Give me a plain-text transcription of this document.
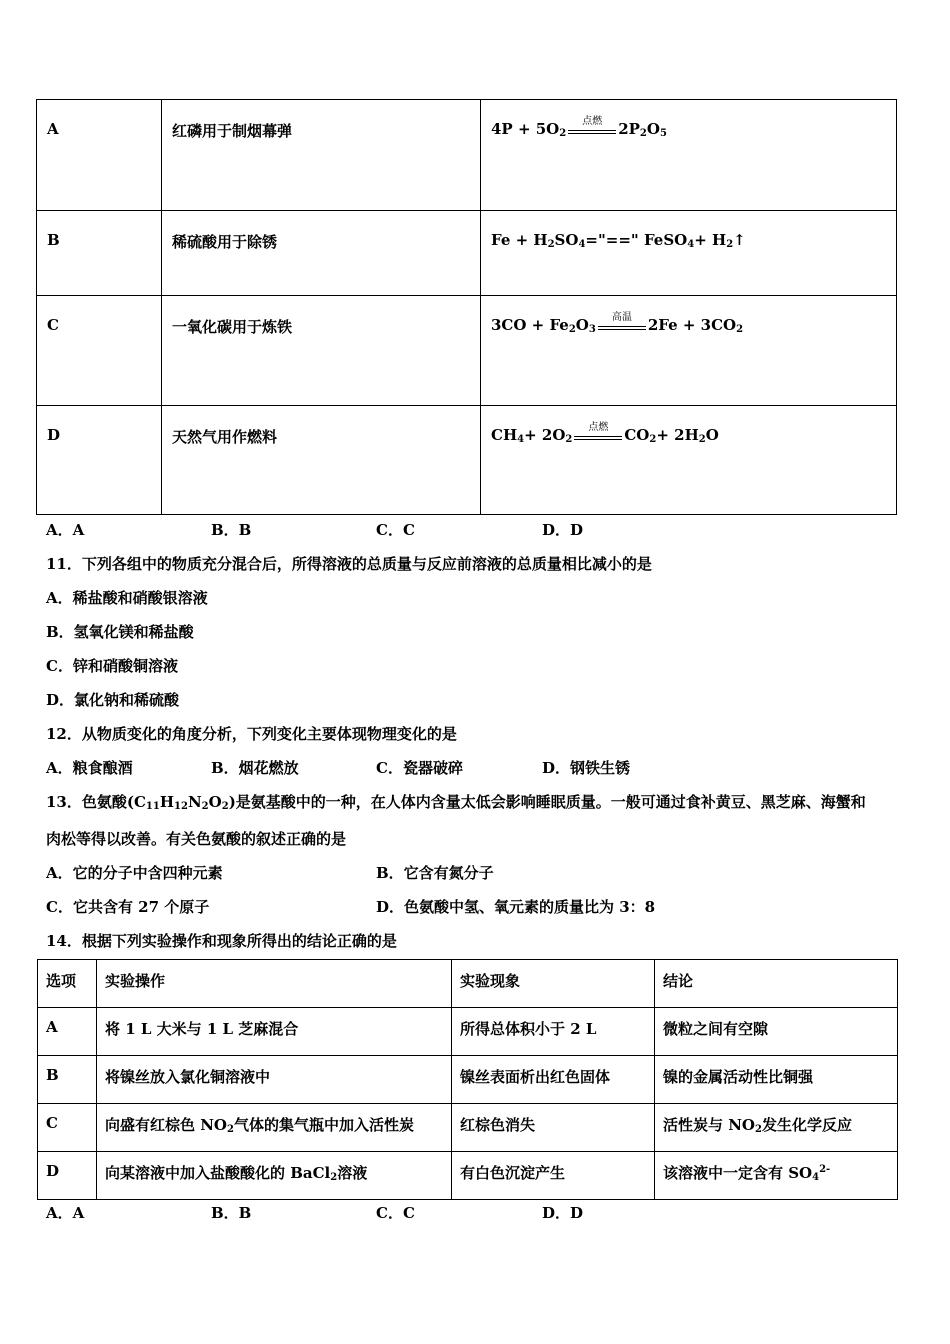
A	红磷用于制烟幕弹	$4P + 5O_2$
点燃 $2P_2O_5$
B	稀硫酸用于除锈	$Fe + H_2SO_4="==$" FeSO$_4$+ $H_2↑$
C	一氧化碳用于炼铁	$3CO + Fe_2O_3$
高温 $2Fe + 3CO_2$
D	天然气用作燃料	$CH_4+ 2O_2$
点燃 $CO_2+ 2H_2O$
A．A	B．B	C．C	D．D
11．下列各组中的物质充分混合后，所得溶液的总质量与反应前溶液的总质量相比减小的是
A．稀盐酸和硝酸银溶液
B．氢氧化镁和稀盐酸
C．锌和硝酸铜溶液
D．氯化钠和稀硫酸
12．从物质变化的角度分析，下列变化主要体现物理变化的是
A．粮食酿酒	B．烟花燃放	C．瓷器破碎	D．钢铁生锈
13．色氨酸$(C_{11}H_{12}N_2O_2)$是氨基酸中的一种，在人体内含量太低会影响睡眠质量。一般可通过食补黄豆、黑芝麻、海蟹和
肉松等得以改善。有关色氨酸的叙述正确的是
A．它的分子中含四种元素	B．它含有氮分子
C．它共含有 27 个原子	D．色氨酸中氢、氧元素的质量比为 3：8
14．根据下列实验操作和现象所得出的结论正确的是
选项	实验操作	实验现象	结论
A	将 1 L 大米与 1 L 芝麻混合	所得总体积小于 2 L	微粒之间有空隙
B	将镍丝放入氯化铜溶液中	镍丝表面析出红色固体	镍的金属活动性比铜强
C	向盛有红棕色 $NO_2$气体的集气瓶中加入活性炭	红棕色消失	活性炭与 $NO_2$发生化学反应
D	向某溶液中加入盐酸酸化的 BaCl$_2$溶液	有白色沉淀产生	该溶液中一定含有 $SO_4^{2-}$
A．A	B．B	C．C	D．D
